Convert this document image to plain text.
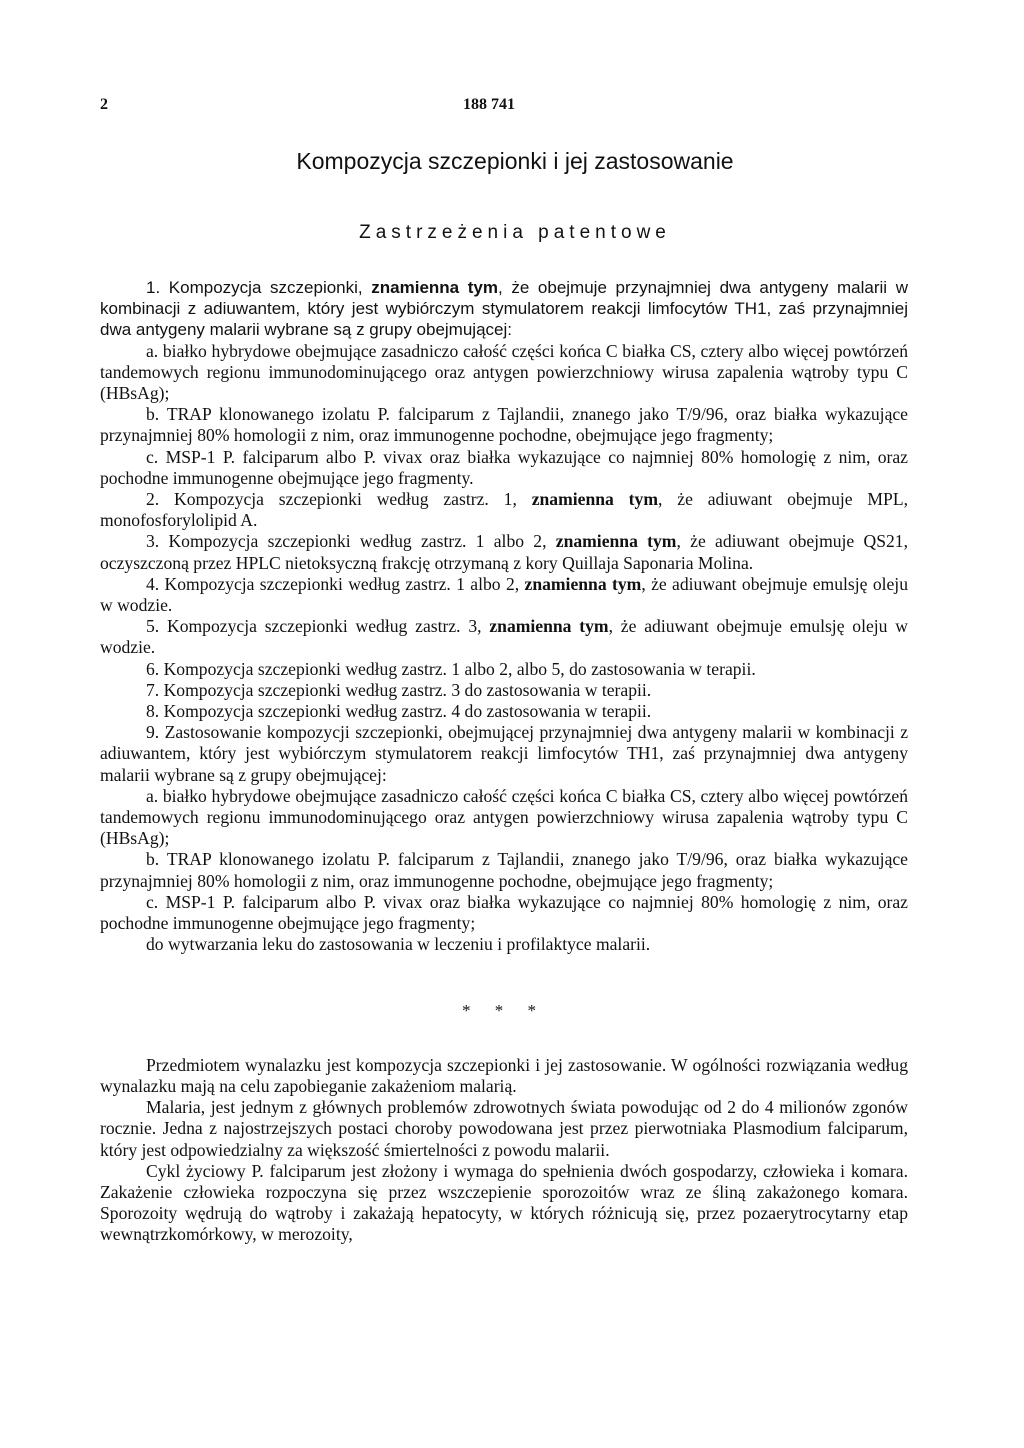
2	188 741
Kompozycja szczepionki i jej zastosowanie
Zastrzeżenia patentowe

1. Kompozycja szczepionki, znamienna tym, że obejmuje przynajmniej dwa antygeny malarii w kombinacji z adiuwantem, który jest wybiórczym stymulatorem reakcji limfocytów TH1, zaś przynajmniej dwa antygeny malarii wybrane są z grupy obejmującej:

a. białko hybrydowe obejmujące zasadniczo całość części końca C białka CS, cztery albo więcej powtórzeń tandemowych regionu immunodominującego oraz antygen powierzchniowy wirusa zapalenia wątroby typu C (HBsAg);

b. TRAP klonowanego izolatu P. falciparum z Tajlandii, znanego jako T/9/96, oraz białka wykazujące przynajmniej 80% homologii z nim, oraz immunogenne pochodne, obejmujące jego fragmenty;

c. MSP-1 P. falciparum albo P. vivax oraz białka wykazujące co najmniej 80% homologię z nim, oraz pochodne immunogenne obejmujące jego fragmenty.

2. Kompozycja szczepionki według zastrz. 1, znamienna tym, że adiuwant obejmuje MPL, monofosforylolipid A.

3. Kompozycja szczepionki według zastrz. 1 albo 2, znamienna tym, że adiuwant obejmuje QS21, oczyszczoną przez HPLC nietoksyczną frakcję otrzymaną z kory Quillaja Saponaria Molina.

4. Kompozycja szczepionki według zastrz. 1 albo 2, znamienna tym, że adiuwant obejmuje emulsję oleju w wodzie.

5. Kompozycja szczepionki według zastrz. 3, znamienna tym, że adiuwant obejmuje emulsję oleju w wodzie.

6. Kompozycja szczepionki według zastrz. 1 albo 2, albo 5, do zastosowania w terapii.

7. Kompozycja szczepionki według zastrz. 3 do zastosowania w terapii.

8. Kompozycja szczepionki według zastrz. 4 do zastosowania w terapii.

9. Zastosowanie kompozycji szczepionki, obejmującej przynajmniej dwa antygeny malarii w kombinacji z adiuwantem, który jest wybiórczym stymulatorem reakcji limfocytów TH1, zaś przynajmniej dwa antygeny malarii wybrane są z grupy obejmującej:

a. białko hybrydowe obejmujące zasadniczo całość części końca C białka CS, cztery albo więcej powtórzeń tandemowych regionu immunodominującego oraz antygen powierzchniowy wirusa zapalenia wątroby typu C (HBsAg);

b. TRAP klonowanego izolatu P. falciparum z Tajlandii, znanego jako T/9/96, oraz białka wykazujące przynajmniej 80% homologii z nim, oraz immunogenne pochodne, obejmujące jego fragmenty;

c. MSP-1 P. falciparum albo P. vivax oraz białka wykazujące co najmniej 80% homologię z nim, oraz pochodne immunogenne obejmujące jego fragmenty;

do wytwarzania leku do zastosowania w leczeniu i profilaktyce malarii.

* * *

Przedmiotem wynalazku jest kompozycja szczepionki i jej zastosowanie. W ogólności rozwiązania według wynalazku mają na celu zapobieganie zakażeniom malarią.

Malaria, jest jednym z głównych problemów zdrowotnych świata powodując od 2 do 4 milionów zgonów rocznie. Jedna z najostrzejszych postaci choroby powodowana jest przez pierwotniaka Plasmodium falciparum, który jest odpowiedzialny za większość śmiertelności z powodu malarii.

Cykl życiowy P. falciparum jest złożony i wymaga do spełnienia dwóch gospodarzy, człowieka i komara. Zakażenie człowieka rozpoczyna się przez wszczepienie sporozoitów wraz ze śliną zakażonego komara. Sporozoity wędrują do wątroby i zakażają hepatocyty, w których różnicują się, przez pozaerytrocytarny etap wewnątrzkomórkowy, w merozoity,
